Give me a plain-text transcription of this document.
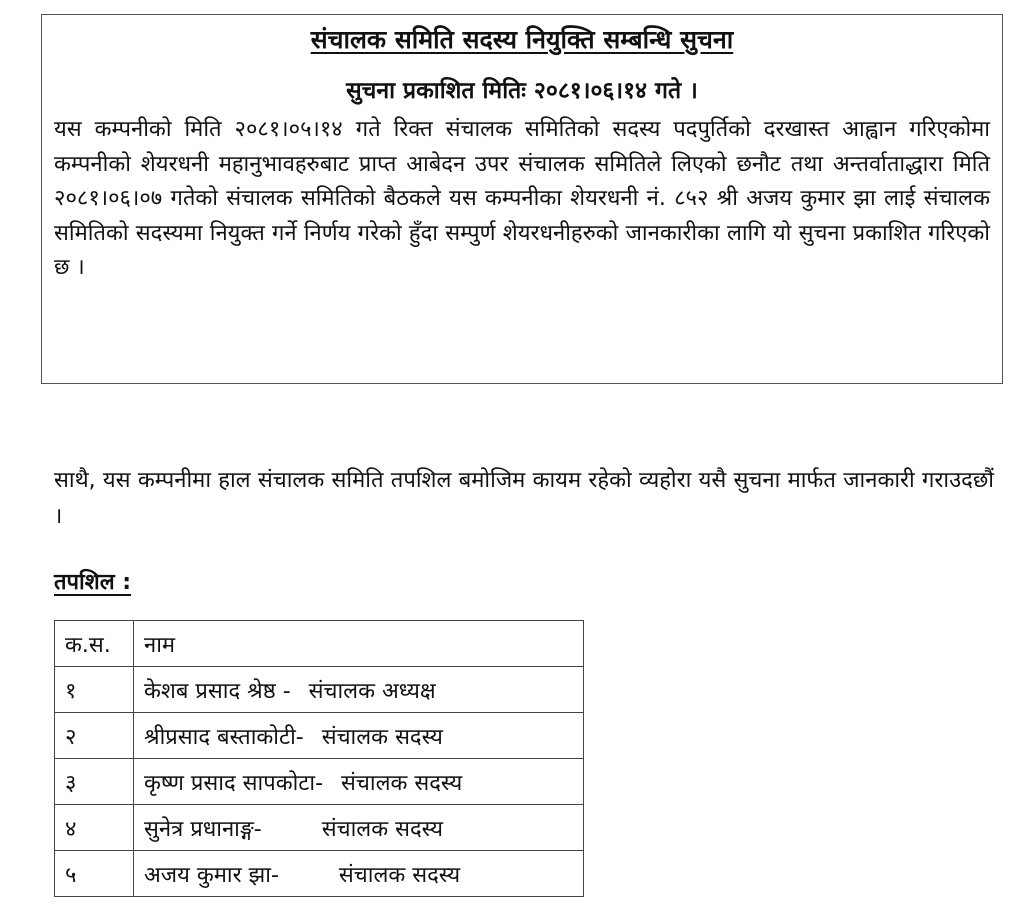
संचालक समिति सदस्य नियुक्ति सम्बन्धि सुचना

सुचना प्रकाशित मितिः २०८१।०६।१४ गते ।

यस कम्पनीको मिति २०८१।०५।१४ गते रिक्त संचालक समितिको सदस्य पदपुर्तिको दरखास्त आह्वान गरिएकोमा कम्पनीको शेयरधनी महानुभावहरुबाट प्राप्त आबेदन उपर संचालक समितिले लिएको छनौट तथा अन्तर्वाताद्धारा मिति २०८१।०६।०७ गतेको संचालक समितिको बैठकले यस कम्पनीका शेयरधनी नं. ८५२ श्री अजय कुमार झा लाई संचालक समितिको सदस्यमा नियुक्त गर्ने निर्णय गरेको हुँदा सम्पुर्ण शेयरधनीहरुको जानकारीका लागि यो सुचना प्रकाशित गरिएको छ ।

साथै, यस कम्पनीमा हाल संचालक समिति तपशिल बमोजिम कायम रहेको व्यहोरा यसै सुचना मार्फत जानकारी गराउदछौं ।

तपशिल :

क.स.	नाम
१	केशब प्रसाद श्रेष्ठ - संचालक अध्यक्ष
२	श्रीप्रसाद बस्ताकोटी- संचालक सदस्य
३	कृष्ण प्रसाद सापकोटा- संचालक सदस्य
४	सुनेत्र प्रधानाङ्ग- संचालक सदस्य
५	अजय कुमार झा- संचालक सदस्य
